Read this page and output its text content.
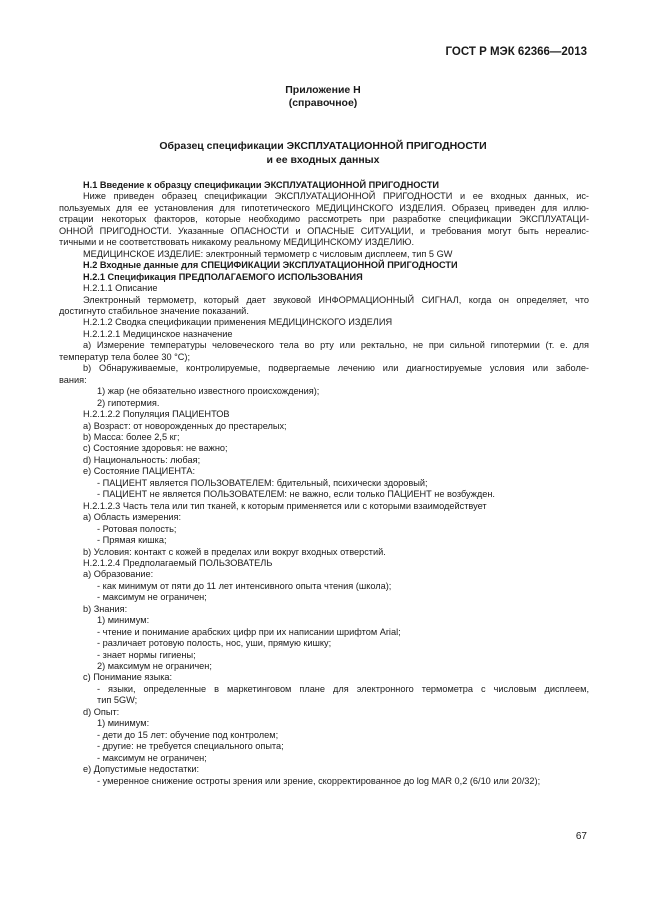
ГОСТ Р МЭК 62366—2013
Приложение Н
(справочное)
Образец спецификации ЭКСПЛУАТАЦИОННОЙ ПРИГОДНОСТИ
и ее входных данных

Н.1 Введение к образцу спецификации ЭКСПЛУАТАЦИОННОЙ ПРИГОДНОСТИ

Ниже приведен образец спецификации ЭКСПЛУАТАЦИОННОЙ ПРИГОДНОСТИ и ее входных данных, ис-

пользуемых для ее установления для гипотетического МЕДИЦИНСКОГО ИЗДЕЛИЯ. Образец приведен для иллю-

страции некоторых факторов, которые необходимо рассмотреть при разработке спецификации ЭКСПЛУАТАЦИ-

ОННОЙ ПРИГОДНОСТИ. Указанные ОПАСНОСТИ и ОПАСНЫЕ СИТУАЦИИ, и требования могут быть нереалис-

тичными и не соответствовать никакому реальному МЕДИЦИНСКОМУ ИЗДЕЛИЮ.

МЕДИЦИНСКОЕ ИЗДЕЛИЕ: электронный термометр с числовым дисплеем, тип 5 GW

Н.2 Входные данные для СПЕЦИФИКАЦИИ ЭКСПЛУАТАЦИОННОЙ ПРИГОДНОСТИ

Н.2.1 Спецификация ПРЕДПОЛАГАЕМОГО ИСПОЛЬЗОВАНИЯ

Н.2.1.1 Описание

Электронный термометр, который дает звуковой ИНФОРМАЦИОННЫЙ СИГНАЛ, когда он определяет, что

достигнуто стабильное значение показаний.

Н.2.1.2 Сводка спецификации применения МЕДИЦИНСКОГО ИЗДЕЛИЯ

Н.2.1.2.1 Медицинское назначение

а) Измерение температуры человеческого тела во рту или ректально, не при сильной гипотермии (т. е. для

температур тела более 30 °С);

b) Обнаруживаемые, контролируемые, подвергаемые лечению или диагностируемые условия или заболе-

вания:

1) жар (не обязательно известного происхождения);

2) гипотермия.

Н.2.1.2.2 Популяция ПАЦИЕНТОВ

а) Возраст: от новорожденных до престарелых;

b) Масса: более 2,5 кг;

с) Состояние здоровья: не важно;

d) Национальность: любая;

е) Состояние ПАЦИЕНТА:

- ПАЦИЕНТ является ПОЛЬЗОВАТЕЛЕМ: бдительный, психически здоровый;

- ПАЦИЕНТ не является ПОЛЬЗОВАТЕЛЕМ: не важно, если только ПАЦИЕНТ не возбужден.

Н.2.1.2.3 Часть тела или тип тканей, к которым применяется или с которыми взаимодействует

а) Область измерения:

- Ротовая полость;

- Прямая кишка;

b) Условия: контакт с кожей в пределах или вокруг входных отверстий.

Н.2.1.2.4 Предполагаемый ПОЛЬЗОВАТЕЛЬ

а) Образование:

- как минимум от пяти до 11 лет интенсивного опыта чтения (школа);

- максимум не ограничен;

b) Знания:

1) минимум:

- чтение и понимание арабских цифр при их написании шрифтом Arial;

- различает ротовую полость, нос, уши, прямую кишку;

- знает нормы гигиены;

2) максимум не ограничен;

с) Понимание языка:

- языки, определенные в маркетинговом плане для электронного термометра с числовым дисплеем,

тип 5GW;

d) Опыт:

1) минимум:

- дети до 15 лет: обучение под контролем;

- другие: не требуется специального опыта;

- максимум не ограничен;

е) Допустимые недостатки:

- умеренное снижение остроты зрения или зрение, скорректированное до log MAR 0,2 (6/10 или 20/32);

67
